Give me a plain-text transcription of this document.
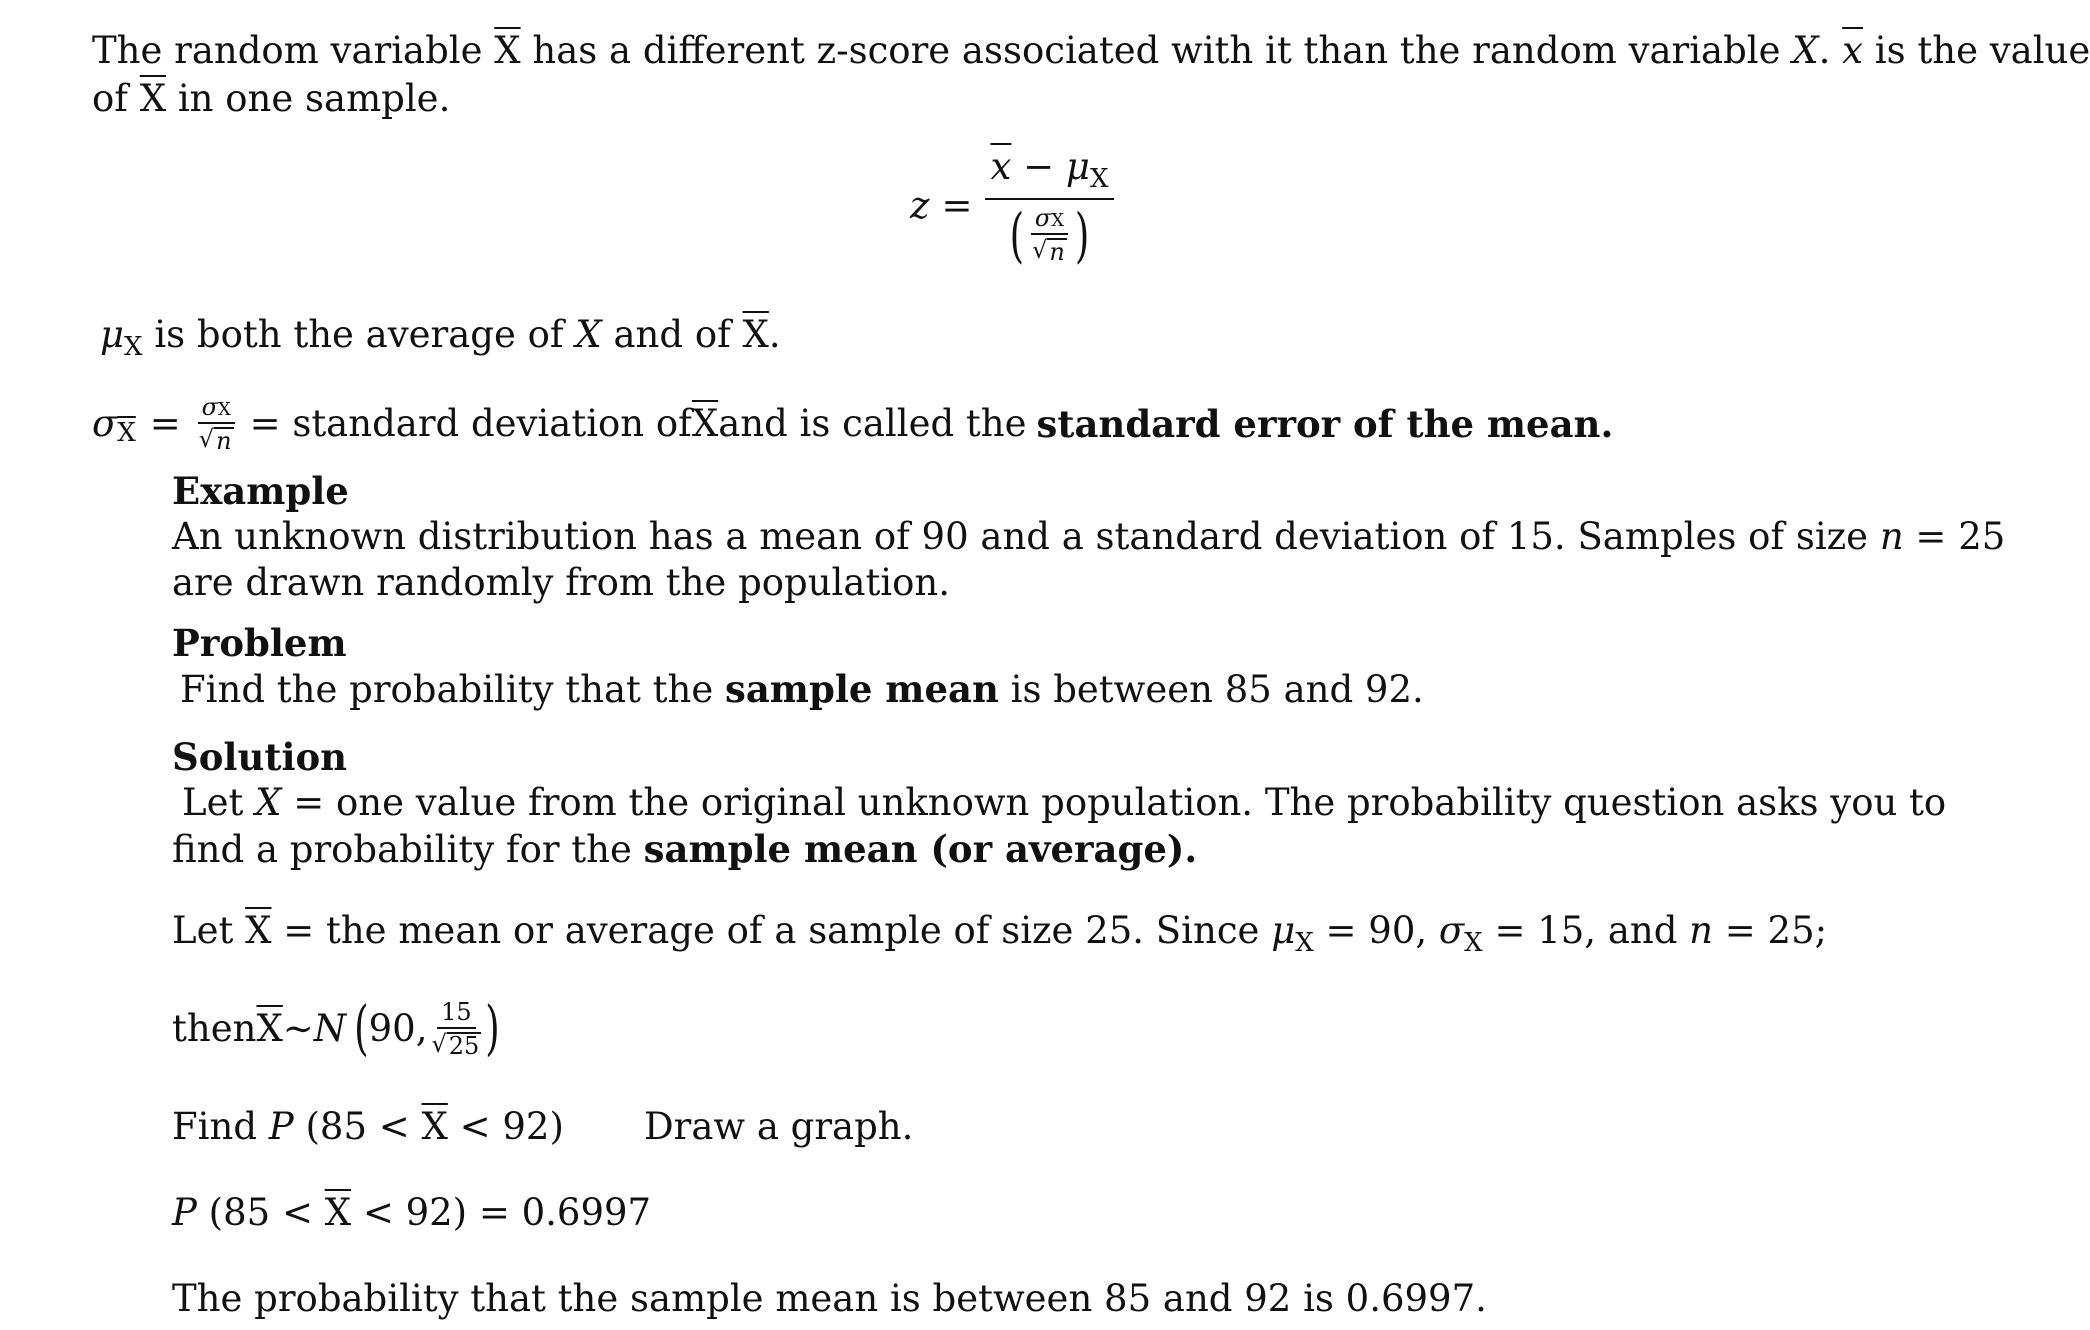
The random variable $\overline{X}$ has a different z-score associated with it than the random variable X. $\overline{x}$ is the value
of $\overline{X}$ in one sample.
$z = \frac{\overline{x} - \mu_X}{( \frac{\sigma X}{√ n} )}$
$\mu_X$ is both the average of X and of $\overline{X}$.
σ $\overline{X} = \frac{\sigma X}{√ n}$ = standard deviation of $\overline{X}$ and is called the standard error of the mean.
Example
An unknown distribution has a mean of 90 and a standard deviation of 15. Samples of size n = 25
are drawn randomly from the population.
Problem
Find the probability that the sample mean is between 85 and 92.
Solution
Let X = one value from the original unknown population. The probability question asks you to
find a probability for the sample mean (or average).
Let $\overline{X}$ = the mean or average of a sample of size 25. Since $\mu_X = 90$, $\sigma_X = 15$, and n = 25;
then $\overline{X}$ ∼ N ( 90, $\frac{15}{√ 25}$ )
Find P $(85 < \overline{X} < 92)$ Draw a graph.
P $(85 < \overline{X} < 92) = 0.6997$
The probability that the sample mean is between 85 and 92 is 0.6997.
